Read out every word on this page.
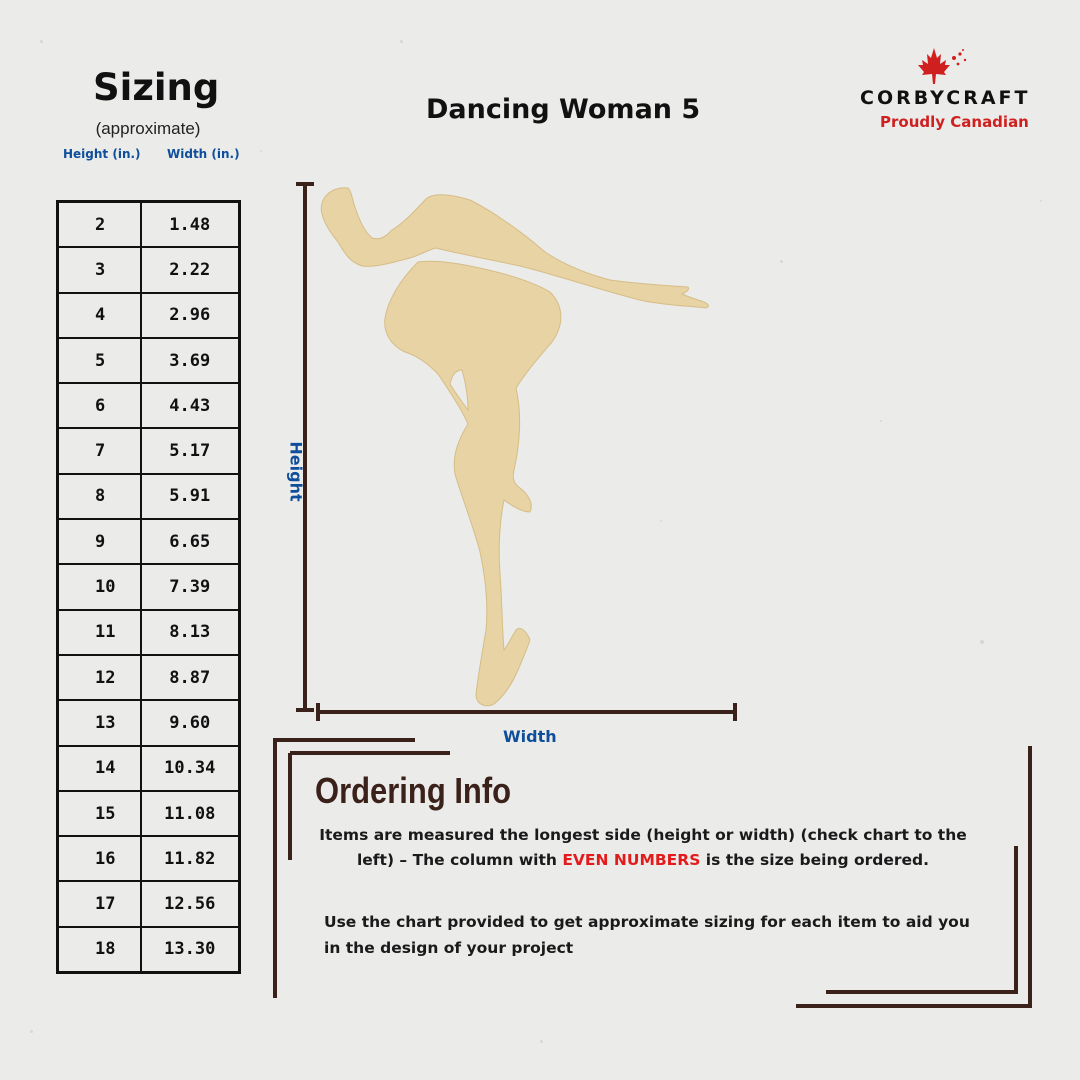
Sizing
(approximate)
Height (in.) Width (in.)
2	1.48
3	2.22
4	2.96
5	3.69
6	4.43
7	5.17
8	5.91
9	6.65
10	7.39
11	8.13
12	8.87
13	9.60
14	10.34
15	11.08
16	11.82
17	12.56
18	13.30
Dancing Woman 5	CORBYCRAFT
Proudly Canadian
Height
Width
Ordering Info
Items are measured the longest side (height or width) (check chart to the left) – The column with EVEN NUMBERS is the size being ordered.
Use the chart provided to get approximate sizing for each item to aid you in the design of your project
